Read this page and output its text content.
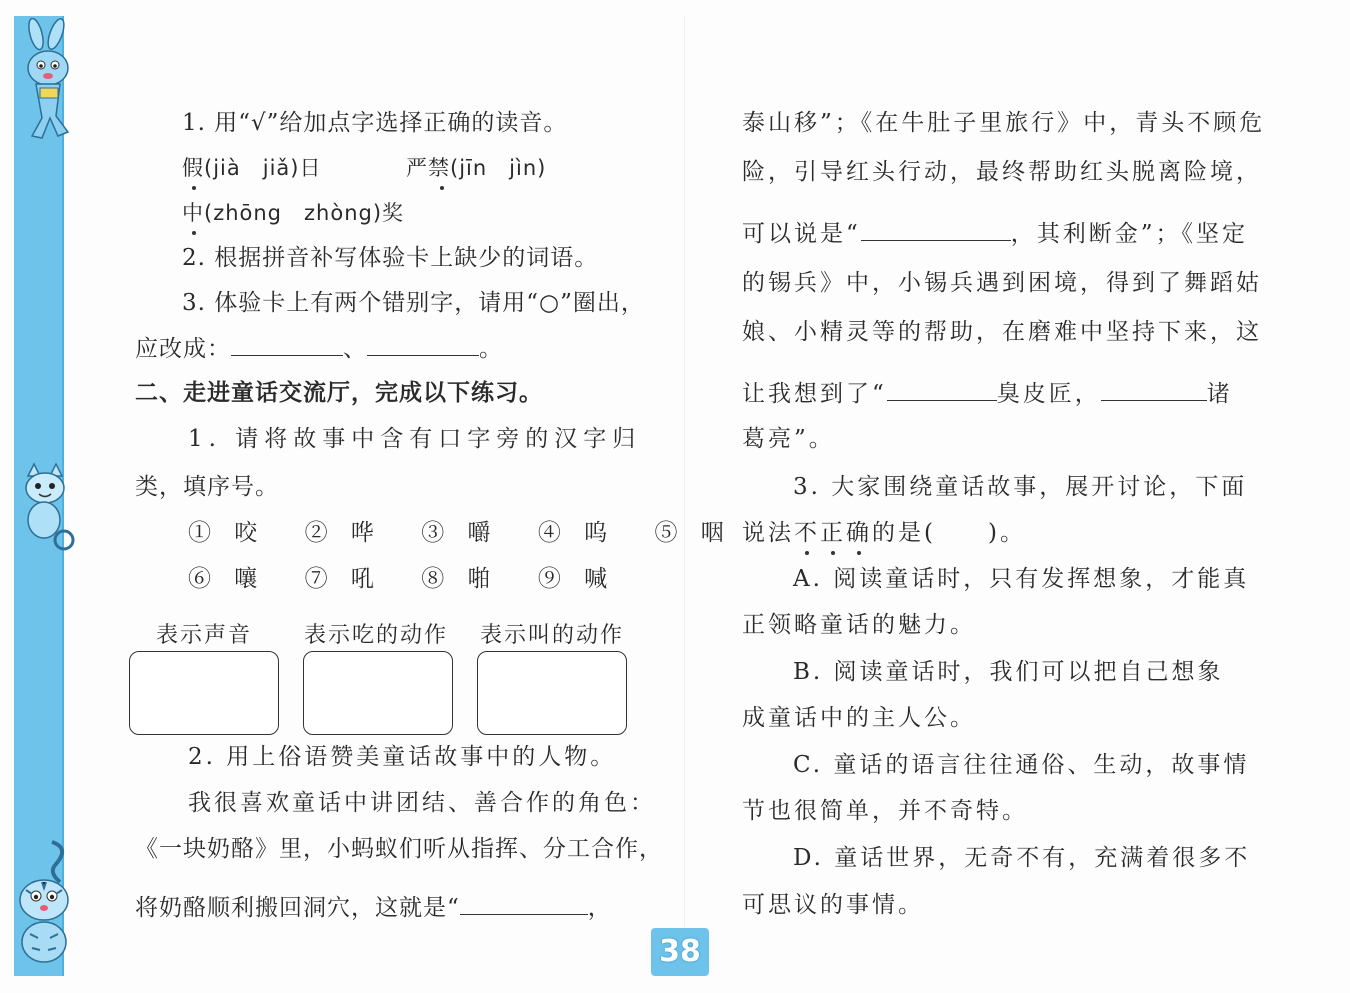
1. 用“√”给加点字选择正确的读音。
假(jià　jiǎ)日	严禁(jīn　jìn)
中(zhōng　zhòng)奖
2. 根据拼音补写体验卡上缺少的词语。
3. 体验卡上有两个错别字，请用“○”圈出，
应改成：	、	。
二、走进童话交流厅，完成以下练习。
1. 请将故事中含有口字旁的汉字归
类，填序号。
① 咬　 ② 哗　 ③ 嚼　 ④ 呜　 ⑤ 咽
⑥ 嚷　 ⑦ 吼　 ⑧ 啪　 ⑨ 喊
表示声音 表示吃的动作 表示叫的动作
2. 用上俗语赞美童话故事中的人物。
我很喜欢童话中讲团结、善合作的角色：
《一块奶酪》里，小蚂蚁们听从指挥、分工合作，
将奶酪顺利搬回洞穴，这就是“	，
泰山移”；《在牛肚子里旅行》中，青头不顾危
险，引导红头行动，最终帮助红头脱离险境，
可以说是“	，其利断金”；《坚定
的锡兵》中，小锡兵遇到困境，得到了舞蹈姑
娘、小精灵等的帮助，在磨难中坚持下来，这
让我想到了“	臭皮匠，	诸
葛亮”。
3. 大家围绕童话故事，展开讨论，下面
说法不正确的是(　　)。
A. 阅读童话时，只有发挥想象，才能真
正领略童话的魅力。
B. 阅读童话时，我们可以把自己想象
成童话中的主人公。
C. 童话的语言往往通俗、生动，故事情
节也很简单，并不奇特。
D. 童话世界，无奇不有，充满着很多不
可思议的事情。
38
